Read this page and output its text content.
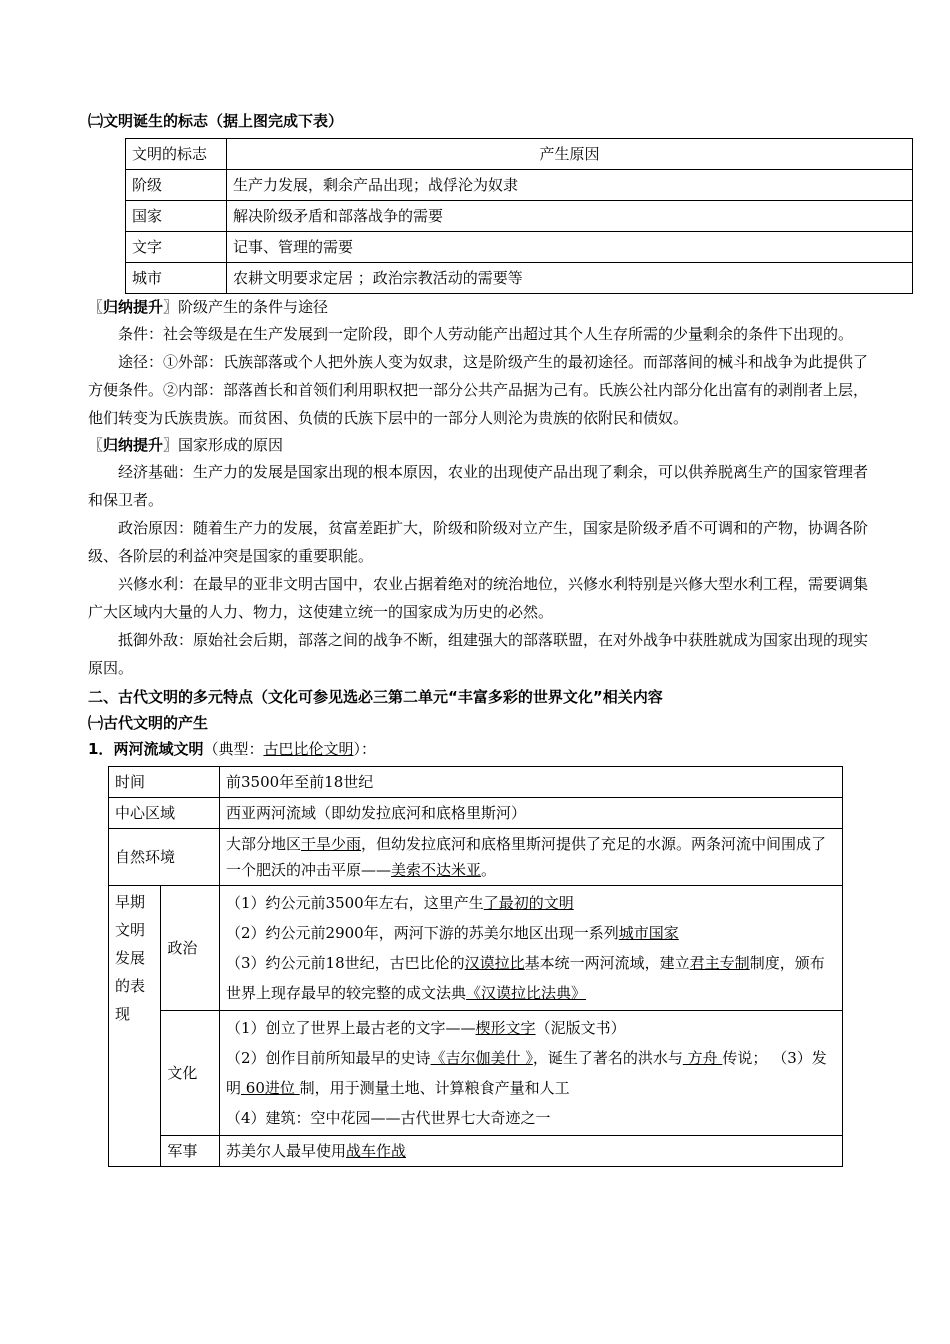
㈡文明诞生的标志（据上图完成下表）
文明的标志	产生原因
阶级	生产力发展，剩余产品出现；战俘沦为奴隶
国家	解决阶级矛盾和部落战争的需要
文字	记事、管理的需要
城市	农耕文明要求定居 ；政治宗教活动的需要等
〖归纳提升〗阶级产生的条件与途径

条件：社会等级是在生产发展到一定阶段，即个人劳动能产出超过其个人生存所需的少量剩余的条件下出现的。

途径：①外部：氏族部落或个人把外族人变为奴隶，这是阶级产生的最初途径。而部落间的械斗和战争为此提供了方便条件。②内部：部落酋长和首领们利用职权把一部分公共产品据为己有。氏族公社内部分化出富有的剥削者上层，他们转变为氏族贵族。而贫困、负债的氏族下层中的一部分人则沦为贵族的依附民和债奴。

〖归纳提升〗国家形成的原因

经济基础：生产力的发展是国家出现的根本原因，农业的出现使产品出现了剩余，可以供养脱离生产的国家管理者和保卫者。

政治原因：随着生产力的发展，贫富差距扩大，阶级和阶级对立产生，国家是阶级矛盾不可调和的产物，协调各阶级、各阶层的利益冲突是国家的重要职能。

兴修水利：在最早的亚非文明古国中，农业占据着绝对的统治地位，兴修水利特别是兴修大型水利工程，需要调集广大区域内大量的人力、物力，这使建立统一的国家成为历史的必然。

抵御外敌：原始社会后期，部落之间的战争不断，组建强大的部落联盟，在对外战争中获胜就成为国家出现的现实原因。

二、古代文明的多元特点（文化可参见选必三第二单元“丰富多彩的世界文化”相关内容
㈠古代文明的产生
1．两河流域文明（典型：古巴比伦文明）：
时间		前3500年至前18世纪
中心区域		西亚两河流域（即幼发拉底河和底格里斯河）
自然环境		大部分地区干旱少雨，但幼发拉底河和底格里斯河提供了充足的水源。两条河流中间围成了一个肥沃的冲击平原——美索不达米亚。
早期文明发展的表现	政治	（1）约公元前3500年左右，这里产生了最初的文明
（2）约公元前2900年，两河下游的苏美尔地区出现一系列城市国家
（3）约公元前18世纪，古巴比伦的汉谟拉比基本统一两河流域，建立君主专制制度，颁布世界上现存最早的较完整的成文法典《汉谟拉比法典》

	文化	（1）创立了世界上最古老的文字——楔形文字（泥版文书）
（2）创作目前所知最早的史诗《吉尔伽美什 》，诞生了著名的洪水与 方舟 传说； （3）发明 60进位 制，用于测量土地、计算粮食产量和人工
（4）建筑：空中花园——古代世界七大奇迹之一

	军事	苏美尔人最早使用战车作战
